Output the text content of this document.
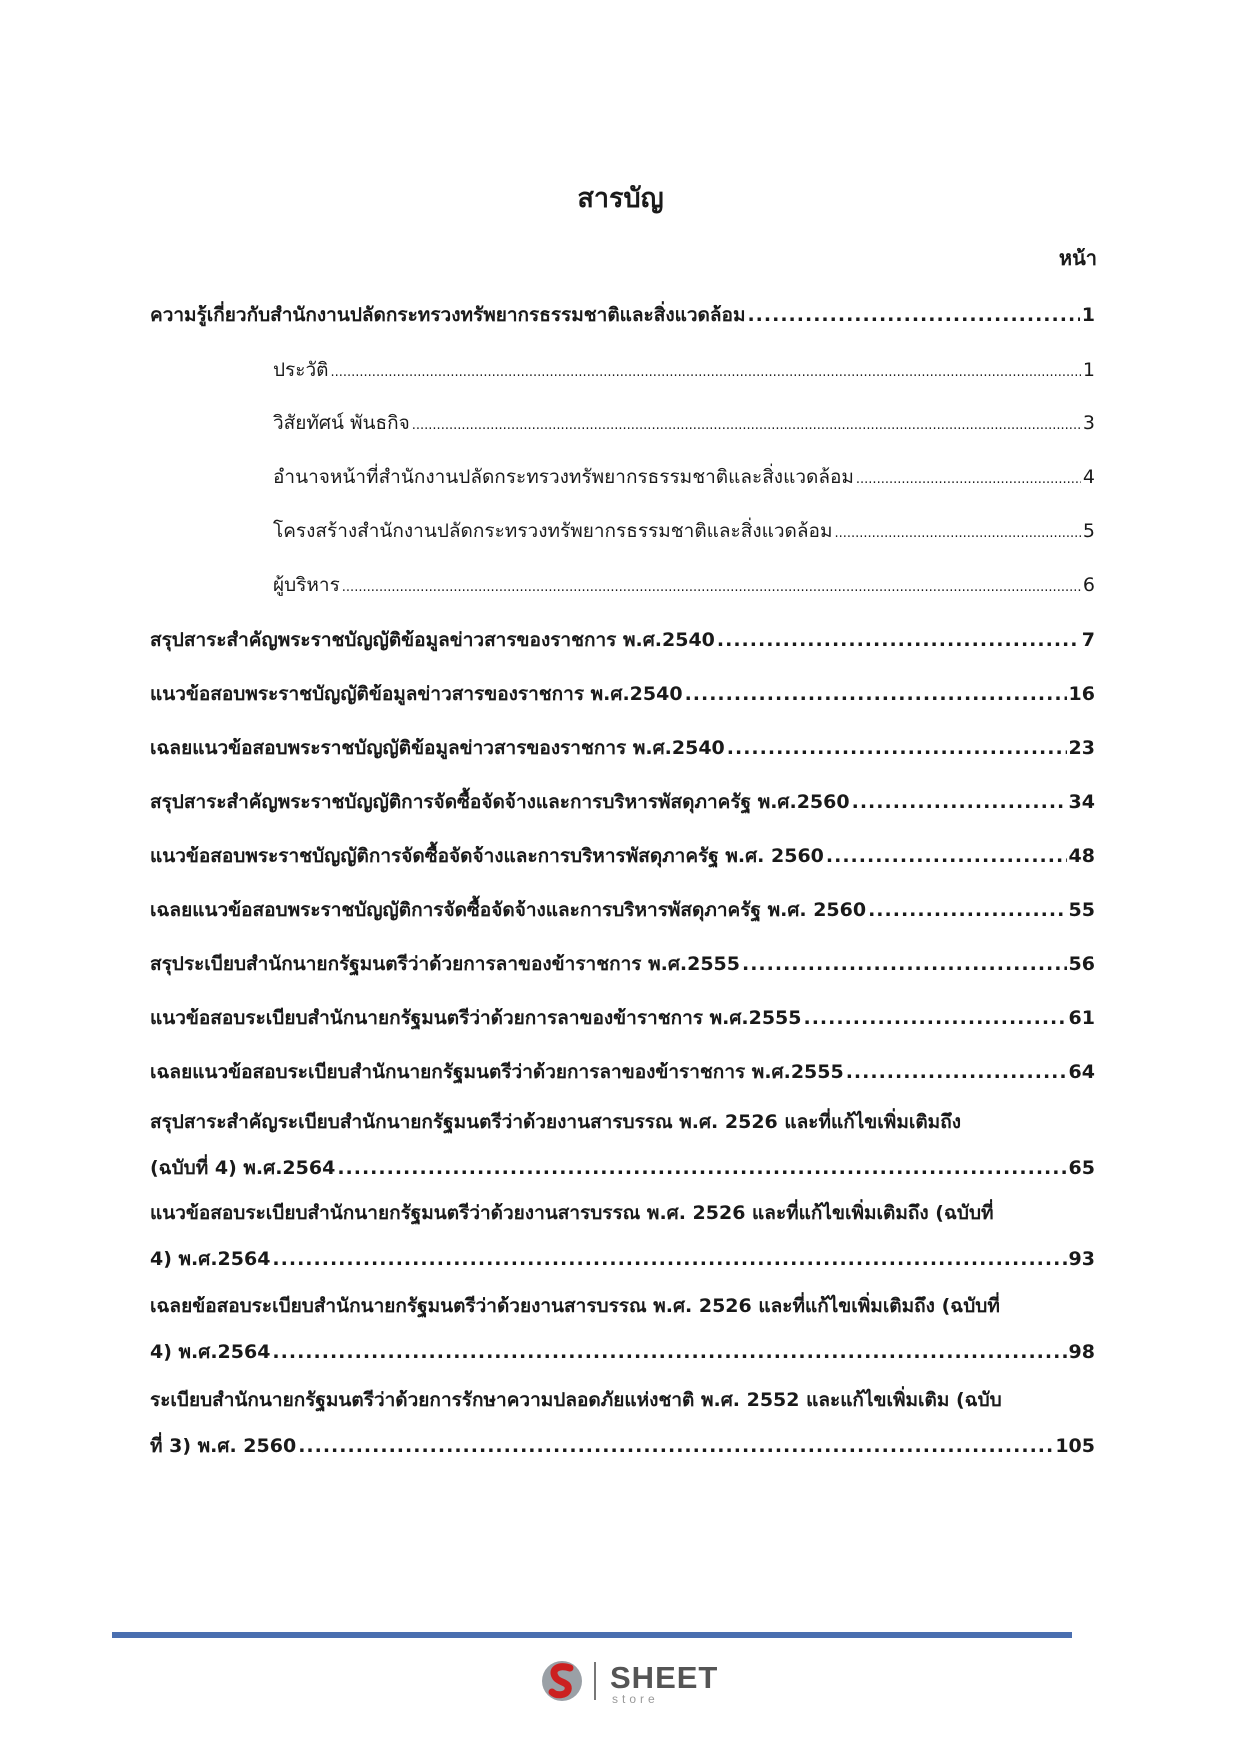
สารบัญ
หน้า
ความรู้เกี่ยวกับสำนักงานปลัดกระทรวงทรัพยากรธรรมชาติและสิ่งแวดล้อม .....	1
ประวัติ .....	1
วิสัยทัศน์ พันธกิจ .....	3
อำนาจหน้าที่สำนักงานปลัดกระทรวงทรัพยากรธรรมชาติและสิ่งแวดล้อม .....	4
โครงสร้างสำนักงานปลัดกระทรวงทรัพยากรธรรมชาติและสิ่งแวดล้อม .....	5
ผู้บริหาร .....	6
สรุปสาระสำคัญพระราชบัญญัติข้อมูลข่าวสารของราชการ พ.ศ.2540 .....	7
แนวข้อสอบพระราชบัญญัติข้อมูลข่าวสารของราชการ พ.ศ.2540 .....	16
เฉลยแนวข้อสอบพระราชบัญญัติข้อมูลข่าวสารของราชการ พ.ศ.2540 .....	23
สรุปสาระสำคัญพระราชบัญญัติการจัดซื้อจัดจ้างและการบริหารพัสดุภาครัฐ พ.ศ.2560 .....	34
แนวข้อสอบพระราชบัญญัติการจัดซื้อจัดจ้างและการบริหารพัสดุภาครัฐ พ.ศ. 2560 .....	48
เฉลยแนวข้อสอบพระราชบัญญัติการจัดซื้อจัดจ้างและการบริหารพัสดุภาครัฐ พ.ศ. 2560 .....	55
สรุประเบียบสำนักนายกรัฐมนตรีว่าด้วยการลาของข้าราชการ พ.ศ.2555 .....	56
แนวข้อสอบระเบียบสำนักนายกรัฐมนตรีว่าด้วยการลาของข้าราชการ พ.ศ.2555 .....	61
เฉลยแนวข้อสอบระเบียบสำนักนายกรัฐมนตรีว่าด้วยการลาของข้าราชการ พ.ศ.2555 .....	64
สรุปสาระสำคัญระเบียบสำนักนายกรัฐมนตรีว่าด้วยงานสารบรรณ พ.ศ. 2526 และที่แก้ไขเพิ่มเติมถึง
(ฉบับที่ 4) พ.ศ.2564 .....	65
แนวข้อสอบระเบียบสำนักนายกรัฐมนตรีว่าด้วยงานสารบรรณ พ.ศ. 2526 และที่แก้ไขเพิ่มเติมถึง (ฉบับที่
4) พ.ศ.2564 .....	93
เฉลยข้อสอบระเบียบสำนักนายกรัฐมนตรีว่าด้วยงานสารบรรณ พ.ศ. 2526 และที่แก้ไขเพิ่มเติมถึง (ฉบับที่
4) พ.ศ.2564 .....	98
ระเบียบสำนักนายกรัฐมนตรีว่าด้วยการรักษาความปลอดภัยแห่งชาติ พ.ศ. 2552 และแก้ไขเพิ่มเติม (ฉบับ
ที่ 3) พ.ศ. 2560 .....	105
SHEET
store
